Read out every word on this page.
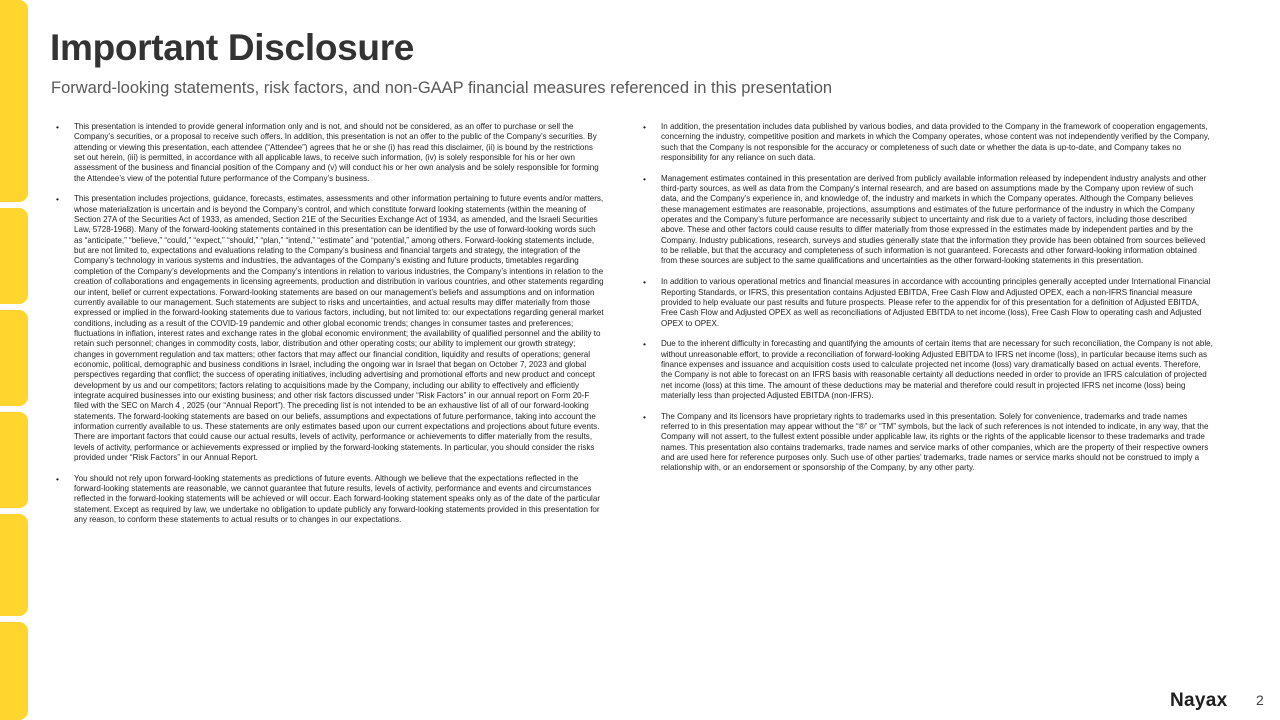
Important Disclosure
Forward-looking statements, risk factors, and non-GAAP financial measures referenced in this presentation
• This presentation is intended to provide general information only and is not, and should not be considered, as an offer to purchase or sell the Company’s securities, or a proposal to receive such offers. In addition, this presentation is not an offer to the public of the Company’s securities. By attending or viewing this presentation, each attendee (“Attendee”) agrees that he or she (i) has read this disclaimer, (ii) is bound by the restrictions set out herein, (iii) is permitted, in accordance with all applicable laws, to receive such information, (iv) is solely responsible for his or her own assessment of the business and financial position of the Company and (v) will conduct his or her own analysis and be solely responsible for forming the Attendee’s view of the potential future performance of the Company’s business.
• This presentation includes projections, guidance, forecasts, estimates, assessments and other information pertaining to future events and/or matters, whose materialization is uncertain and is beyond the Company’s control, and which constitute forward looking statements (within the meaning of Section 27A of the Securities Act of 1933, as amended, Section 21E of the Securities Exchange Act of 1934, as amended, and the Israeli Securities Law, 5728-1968). Many of the forward-looking statements contained in this presentation can be identified by the use of forward-looking words such as “anticipate,” “believe,” “could,” “expect,” “should,” “plan,” “intend,” “estimate” and “potential,” among others. Forward-looking statements include, but are not limited to, expectations and evaluations relating to the Company’s business and financial targets and strategy, the integration of the Company’s technology in various systems and industries, the advantages of the Company’s existing and future products, timetables regarding completion of the Company’s developments and the Company’s intentions in relation to various industries, the Company’s intentions in relation to the creation of collaborations and engagements in licensing agreements, production and distribution in various countries, and other statements regarding our intent, belief or current expectations. Forward-looking statements are based on our management’s beliefs and assumptions and on information currently available to our management. Such statements are subject to risks and uncertainties, and actual results may differ materially from those expressed or implied in the forward-looking statements due to various factors, including, but not limited to: our expectations regarding general market conditions, including as a result of the COVID-19 pandemic and other global economic trends; changes in consumer tastes and preferences; fluctuations in inflation, interest rates and exchange rates in the global economic environment; the availability of qualified personnel and the ability to retain such personnel; changes in commodity costs, labor, distribution and other operating costs; our ability to implement our growth strategy; changes in government regulation and tax matters; other factors that may affect our financial condition, liquidity and results of operations; general economic, political, demographic and business conditions in Israel, including the ongoing war in Israel that began on October 7, 2023 and global perspectives regarding that conflict; the success of operating initiatives, including advertising and promotional efforts and new product and concept development by us and our competitors; factors relating to acquisitions made by the Company, including our ability to effectively and efficiently integrate acquired businesses into our existing business; and other risk factors discussed under “Risk Factors” in our annual report on Form 20-F filed with the SEC on March 4 , 2025 (our “Annual Report”). The preceding list is not intended to be an exhaustive list of all of our forward-looking statements. The forward-looking statements are based on our beliefs, assumptions and expectations of future performance, taking into account the information currently available to us. These statements are only estimates based upon our current expectations and projections about future events. There are important factors that could cause our actual results, levels of activity, performance or achievements to differ materially from the results, levels of activity, performance or achievements expressed or implied by the forward-looking statements. In particular, you should consider the risks provided under “Risk Factors” in our Annual Report.
• You should not rely upon forward-looking statements as predictions of future events. Although we believe that the expectations reflected in the forward-looking statements are reasonable, we cannot guarantee that future results, levels of activity, performance and events and circumstances reflected in the forward-looking statements will be achieved or will occur. Each forward-looking statement speaks only as of the date of the particular statement. Except as required by law, we undertake no obligation to update publicly any forward-looking statements provided in this presentation for any reason, to conform these statements to actual results or to changes in our expectations.
• In addition, the presentation includes data published by various bodies, and data provided to the Company in the framework of cooperation engagements, concerning the industry, competitive position and markets in which the Company operates, whose content was not independently verified by the Company, such that the Company is not responsible for the accuracy or completeness of such date or whether the data is up-to-date, and Company takes no responsibility for any reliance on such data.
• Management estimates contained in this presentation are derived from publicly available information released by independent industry analysts and other third-party sources, as well as data from the Company’s internal research, and are based on assumptions made by the Company upon review of such data, and the Company’s experience in, and knowledge of, the industry and markets in which the Company operates. Although the Company believes these management estimates are reasonable, projections, assumptions and estimates of the future performance of the industry in which the Company operates and the Company’s future performance are necessarily subject to uncertainty and risk due to a variety of factors, including those described above. These and other factors could cause results to differ materially from those expressed in the estimates made by independent parties and by the Company. Industry publications, research, surveys and studies generally state that the information they provide has been obtained from sources believed to be reliable, but that the accuracy and completeness of such information is not guaranteed. Forecasts and other forward-looking information obtained from these sources are subject to the same qualifications and uncertainties as the other forward-looking statements in this presentation.
• In addition to various operational metrics and financial measures in accordance with accounting principles generally accepted under International Financial Reporting Standards, or IFRS, this presentation contains Adjusted EBITDA, Free Cash Flow and Adjusted OPEX, each a non-IFRS financial measure provided to help evaluate our past results and future prospects. Please refer to the appendix for of this presentation for a definition of Adjusted EBITDA, Free Cash Flow and Adjusted OPEX as well as reconciliations of Adjusted EBITDA to net income (loss), Free Cash Flow to operating cash and Adjusted OPEX to OPEX.
• Due to the inherent difficulty in forecasting and quantifying the amounts of certain items that are necessary for such reconciliation, the Company is not able, without unreasonable effort, to provide a reconciliation of forward-looking Adjusted EBITDA to IFRS net income (loss), in particular because items such as finance expenses and issuance and acquisition costs used to calculate projected net income (loss) vary dramatically based on actual events. Therefore, the Company is not able to forecast on an IFRS basis with reasonable certainty all deductions needed in order to provide an IFRS calculation of projected net income (loss) at this time. The amount of these deductions may be material and therefore could result in projected IFRS net income (loss) being materially less than projected Adjusted EBITDA (non-IFRS).
• The Company and its licensors have proprietary rights to trademarks used in this presentation. Solely for convenience, trademarks and trade names referred to in this presentation may appear without the “®” or “TM” symbols, but the lack of such references is not intended to indicate, in any way, that the Company will not assert, to the fullest extent possible under applicable law, its rights or the rights of the applicable licensor to these trademarks and trade names. This presentation also contains trademarks, trade names and service marks of other companies, which are the property of their respective owners and are used here for reference purposes only. Such use of other parties’ trademarks, trade names or service marks should not be construed to imply a relationship with, or an endorsement or sponsorship of the Company, by any other party.
Nayax 2
